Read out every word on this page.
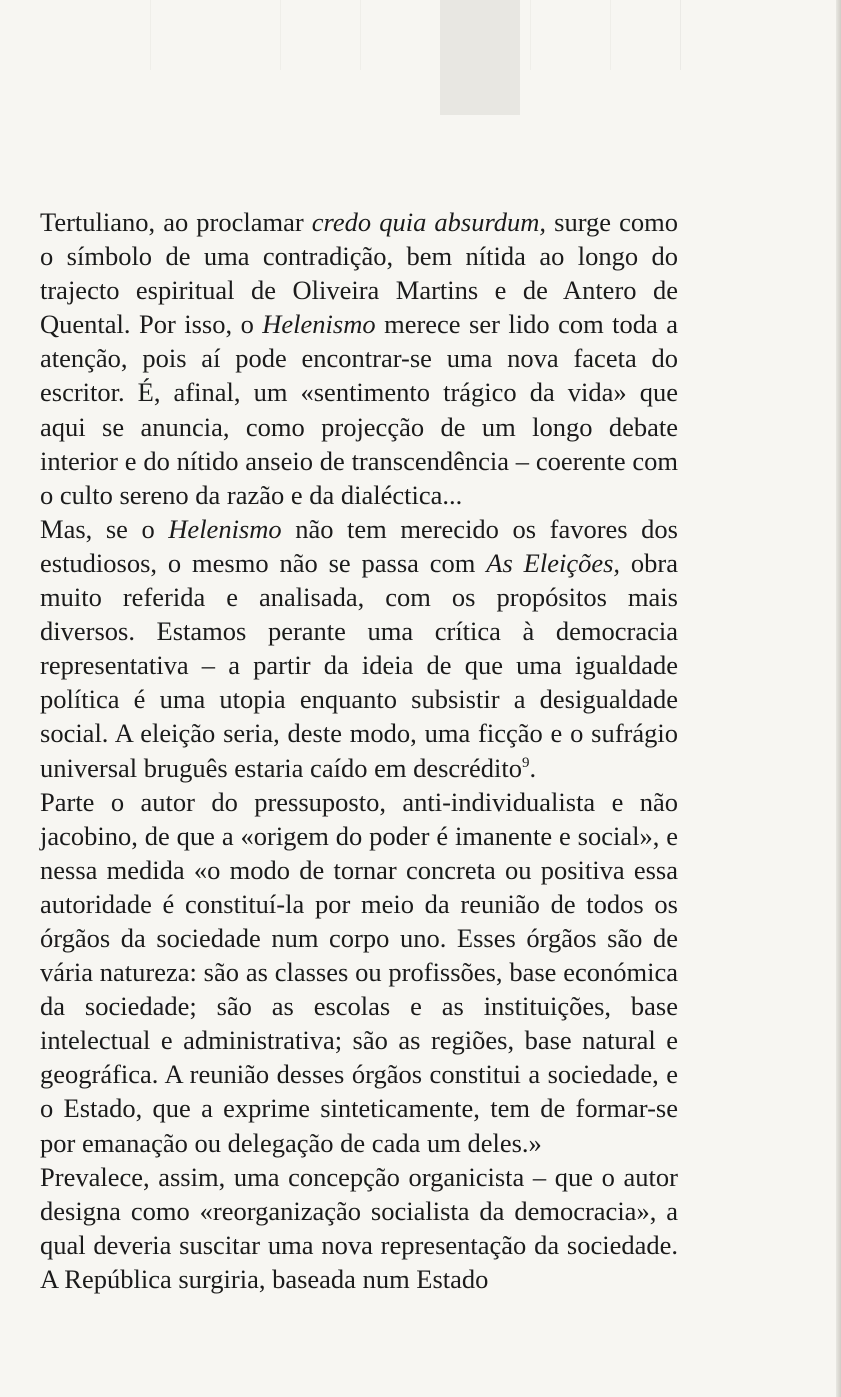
Tertuliano, ao proclamar credo quia absurdum, surge como o símbolo de uma contradição, bem nítida ao longo do trajecto espiritual de Oliveira Martins e de Antero de Quental. Por isso, o Helenismo merece ser lido com toda a atenção, pois aí pode encontrar-se uma nova faceta do escritor. É, afinal, um «sentimento trágico da vida» que aqui se anuncia, como projecção de um longo debate interior e do nítido anseio de transcendência – coerente com o culto sereno da razão e da dialéctica...

Mas, se o Helenismo não tem merecido os favores dos estudiosos, o mesmo não se passa com As Eleições, obra muito referida e analisada, com os propósitos mais diversos. Estamos perante uma crítica à democracia representativa – a partir da ideia de que uma igualdade política é uma utopia enquanto subsistir a desigualdade social. A eleição seria, deste modo, uma ficção e o sufrágio universal bruguês estaria caído em descrédito$^9$.

Parte o autor do pressuposto, anti-individualista e não jacobino, de que a «origem do poder é imanente e social», e nessa medida «o modo de tornar concreta ou positiva essa autoridade é constituí-la por meio da reunião de todos os órgãos da sociedade num corpo uno. Esses órgãos são de vária natureza: são as classes ou profissões, base económica da sociedade; são as escolas e as instituições, base intelectual e administrativa; são as regiões, base natural e geográfica. A reunião desses órgãos constitui a sociedade, e o Estado, que a exprime sinteticamente, tem de formar-se por emanação ou delegação de cada um deles.»

Prevalece, assim, uma concepção organicista – que o autor designa como «reorganização socialista da democracia», a qual deveria suscitar uma nova representação da sociedade. A República surgiria, baseada num Estado
